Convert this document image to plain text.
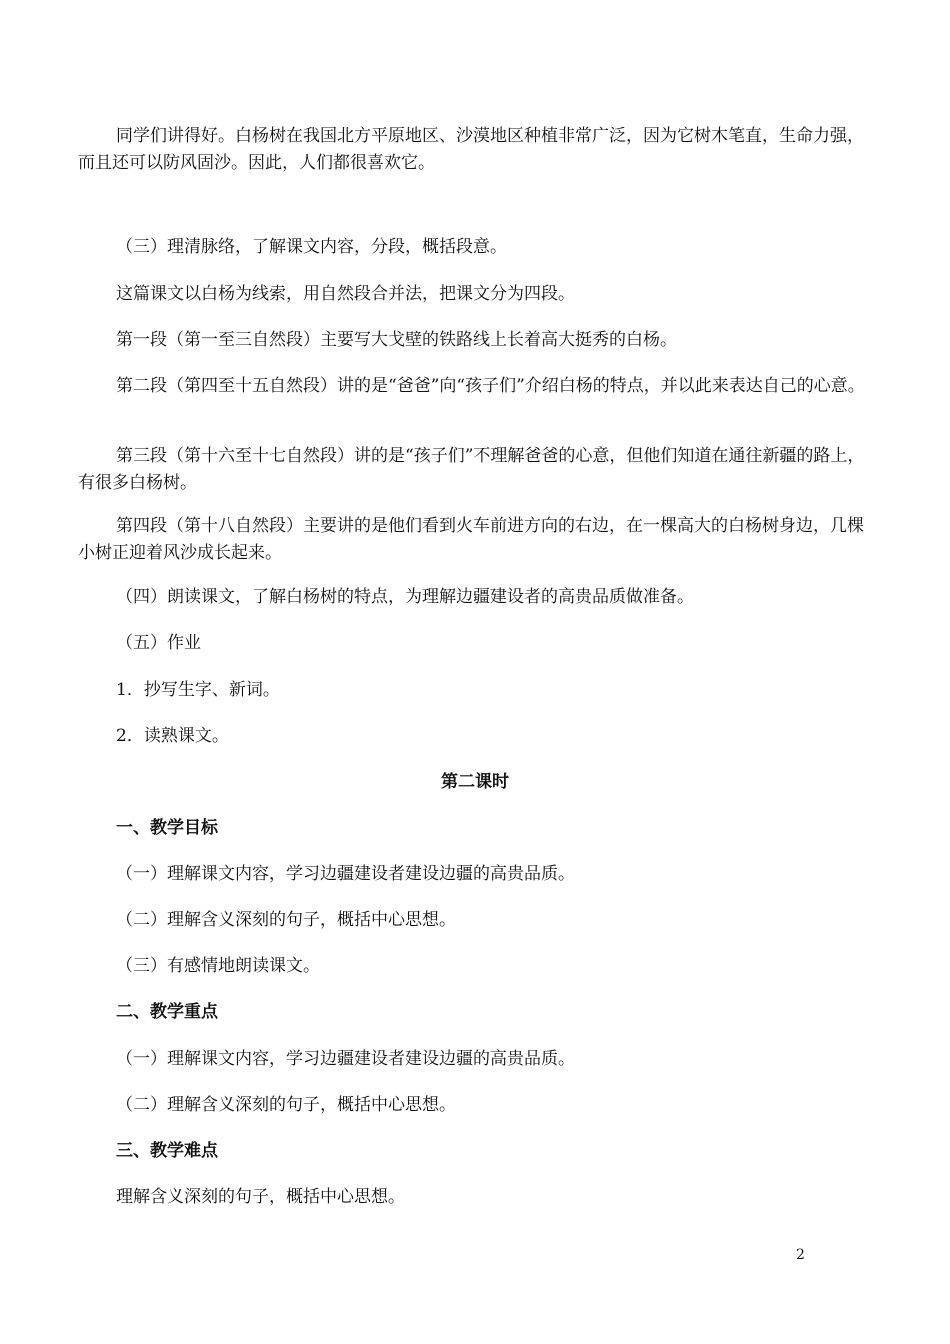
同学们讲得好。白杨树在我国北方平原地区、沙漠地区种植非常广泛，因为它树木笔直，生命力强，而且还可以防风固沙。因此，人们都很喜欢它。

（三）理清脉络，了解课文内容，分段，概括段意。

这篇课文以白杨为线索，用自然段合并法，把课文分为四段。

第一段（第一至三自然段）主要写大戈壁的铁路线上长着高大挺秀的白杨。

第二段（第四至十五自然段）讲的是“爸爸”向“孩子们”介绍白杨的特点，并以此来表达自己的心意。

第三段（第十六至十七自然段）讲的是“孩子们”不理解爸爸的心意，但他们知道在通往新疆的路上，有很多白杨树。

第四段（第十八自然段）主要讲的是他们看到火车前进方向的右边，在一棵高大的白杨树身边，几棵小树正迎着风沙成长起来。

（四）朗读课文，了解白杨树的特点，为理解边疆建设者的高贵品质做准备。

（五）作业

1．抄写生字、新词。

2．读熟课文。

第二课时

一、教学目标

（一）理解课文内容，学习边疆建设者建设边疆的高贵品质。

（二）理解含义深刻的句子，概括中心思想。

（三）有感情地朗读课文。

二、教学重点

（一）理解课文内容，学习边疆建设者建设边疆的高贵品质。

（二）理解含义深刻的句子，概括中心思想。

三、教学难点

理解含义深刻的句子，概括中心思想。

2
